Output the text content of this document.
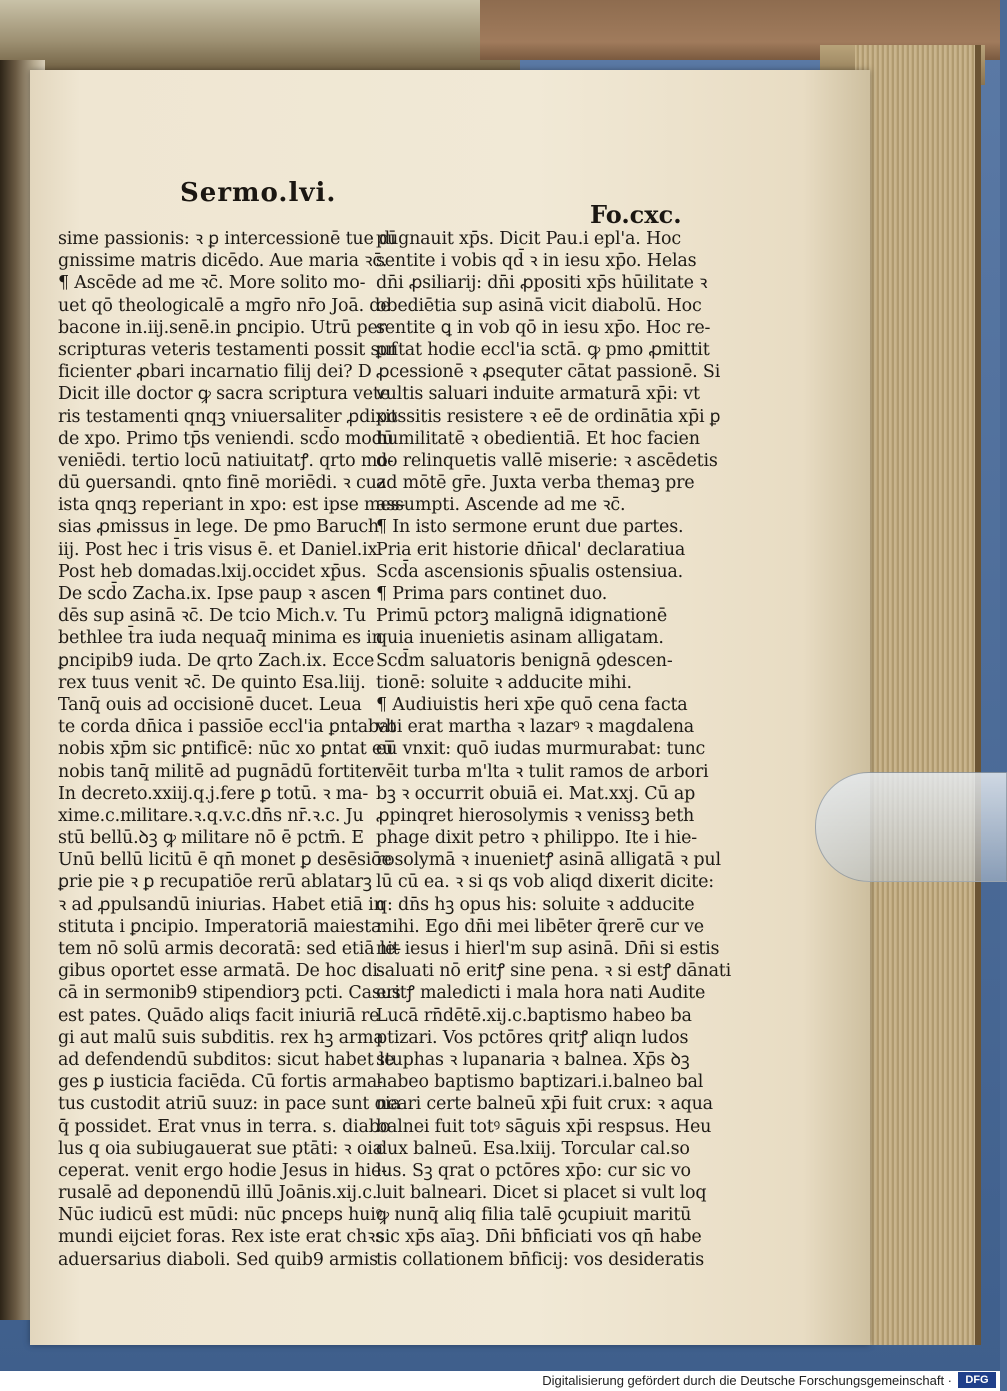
Sermo.lvi.
Fo.cxc.
sime passionis: ꝛ ꝑ intercessionē tue dī
gnissime matris dicēdo. Aue maria ꝛc̄.
¶ Ascēde ad me ꝛc̄. More solito mo-
uet qō theologicalē a mgr̄o nr̄o Joā. de
bacone in.iij.senē.in ꝑncipio. Utrū per
scripturas veteris testamenti possit suf
ficienter ꝓbari incarnatio filij dei? D
Dicit ille doctor ꝙ sacra scriptura vete
ris testamenti qnqꝫ vniuersaliter ꝓdixit
de xpo. Primo tp̄s veniendi. scd̄o modū
veniēdi. tertio locū natiuitatꝭ. qrto mo-
dū ꝯuersandi. qnto finē moriēdi. ꝛ cuz
ista qnqꝫ reperiant in xpo: est ipse mes-
sias ꝓmissus in lege. De pmo Baruch
iij. Post hec i t̄ris visus ē. et Daniel.ix.
Post heb domadas.lxij.occidet xp̄us.
De scd̄o Zacha.ix. Ipse paup ꝛ ascen
dēs sup asinā ꝛc̄. De tcio Mich.v. Tu
bethlee t̄ra iuda nequaq̄ minima es in
ꝑncipib9 iuda. De qrto Zach.ix. Ecce
rex tuus venit ꝛc̄. De quinto Esa.liij.
Tanq̄ ouis ad occisionē ducet. Leua
te corda dn̄ica i passiōe eccl'ia ꝑntabat
nobis xp̄m sic ꝑntificē: nūc xo ꝑntat eū
nobis tanq̄ militē ad pugnādū fortiter
In decreto.xxiij.q.j.fere ꝑ totū. ꝛ ma-
xime.c.militare.ꝛ.q.v.c.dn̄s nr̄.ꝛ.c. Ju
stū bellū.ꝺꝫ ꝙ militare nō ē pctm̄. E
Unū bellū licitū ē qn̄ monet ꝑ desēsiōe
ꝑrie pie ꝛ ꝑ recupatiōe rerū ablatarꝫ
ꝛ ad ꝓpulsandū iniurias. Habet etiā in
stituta i ꝑncipio. Imperatoriā maiesta
tem nō solū armis decoratā: sed etiā le-
gibus oportet esse armatā. De hoc di-
cā in sermonib9 stipendiorꝫ pcti. Casus
est pates. Quādo aliqs facit iniuriā re
gi aut malū suis subditis. rex hꝫ arma
ad defendendū subditos: sicut habet le
ges ꝑ iusticia faciēda. Cū fortis arma-
tus custodit atriū suuz: in pace sunt oia
q̄ possidet. Erat vnus in terra. s. diabo
lus q oia subiugauerat sue ptāti: ꝛ oia
ceperat. venit ergo hodie Jesus in hie-
rusalē ad deponendū illū Joānis.xij.c.
Nūc iudicū est mūdi: nūc ꝑnceps huiꝰ
mundi eijciet foras. Rex iste erat chꝛs
aduersarius diaboli. Sed quib9 armis
pugnauit xp̄s. Dicit Pau.i epl'a. Hoc
sentite i vobis qd̄ ꝛ in iesu xp̄o. Helas
dn̄i ꝓsiliarij: dn̄i ꝓpositi xp̄s hūilitate ꝛ
obediētia sup asinā vicit diabolū. Hoc
sentite ꝗ in vob qō in iesu xp̄o. Hoc re-
ꝑntat hodie eccl'ia sctā. ꝙ pmo ꝓmittit
ꝓcessionē ꝛ ꝓsequter cātat passionē. Si
vultis saluari induite armaturā xp̄i: vt
possitis resistere ꝛ eē de ordinātia xp̄i ꝑ
humilitatē ꝛ obedientiā. Et hoc facien
do relinquetis vallē miserie: ꝛ ascēdetis
ad mōtē gr̄e. Juxta verba themaꝫ pre
assumpti. Ascende ad me ꝛc̄.
¶ In isto sermone erunt due partes.
Pria erit historie dn̄ical' declaratiua
Scd̄a ascensionis sp̄ualis ostensiua.
¶ Prima pars continet duo.
Primū pctorꝫ malignā idignationē
quia inuenietis asinam alligatam.
Scd̄m saluatoris benignā ꝯdescen-
tionē: soluite ꝛ adducite mihi.
¶ Audiuistis heri xp̄e quō cena facta
vbi erat martha ꝛ lazarꝰ ꝛ magdalena
eū vnxit: quō iudas murmurabat: tunc
vēit turba m'lta ꝛ tulit ramos de arbori
bꝫ ꝛ occurrit obuiā ei. Mat.xxj. Cū ap
ꝓpinqret hierosolymis ꝛ venissꝫ beth
phage dixit petro ꝛ philippo. Ite i hie-
rosolymā ꝛ inuenietꝭ asinā alligatā ꝛ pul
lū cū ea. ꝛ si qs vob aliqd dixerit dicite:
q: dn̄s hꝫ opus his: soluite ꝛ adducite
mihi. Ego dn̄i mei libēter q̄rerē cur ve
nit iesus i hierl'm sup asinā. Dn̄i si estis
saluati nō eritꝭ sine pena. ꝛ si estꝭ dānati
eritꝭ maledicti i mala hora nati Audite
Lucā rn̄dētē.xij.c.baptismo habeo ba
ptizari. Vos pctōres qritꝭ aliqn ludos
stuphas ꝛ lupanaria ꝛ balnea. Xp̄s ꝺꝫ
habeo baptismo baptizari.i.balneo bal
neari certe balneū xp̄i fuit crux: ꝛ aqua
balnei fuit totꝰ sāguis xp̄i respsus. Heu
dux balneū. Esa.lxiij. Torcular cal.so
lus. Sꝫ qrat o pctōres xp̄o: cur sic vo
luit balneari. Dicet si placet si vult loq
ꝙ nunq̄ aliq filia talē ꝯcupiuit maritū
sic xp̄s aīaꝫ. Dn̄i bn̄ficiati vos qn̄ habe
tis collationem bn̄ficij: vos desideratis
Digitalisierung gefördert durch die Deutsche Forschungsgemeinschaft ·	DFG
